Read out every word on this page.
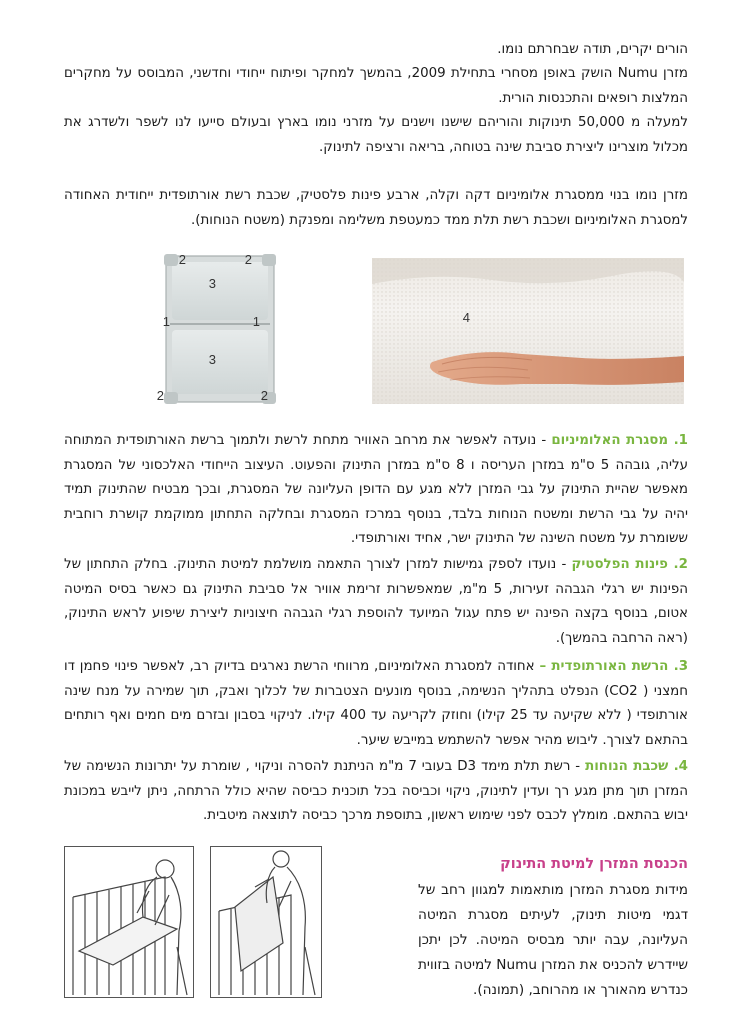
הורים יקרים, תודה שבחרתם נומו.

מזרן Numu הושק באופן מסחרי בתחילת 2009, בהמשך למחקר ופיתוח ייחודי וחדשני, המבוסס על מחקרים המלצות רופאים והתכנסות הורית.

למעלה מ 50,000 תינוקות והוריהם שישנו וישנים על מזרני נומו בארץ ובעולם סייעו לנו לשפר ולשדרג את מכלול מוצרינו ליצירת סביבת שינה בטוחה, בריאה ורציפה לתינוק.

מזרן נומו בנוי ממסגרת אלומיניום דקה וקלה, ארבע פינות פלסטיק, שכבת רשת אורתופדית ייחודית האחודה למסגרת האלומיניום ושכבת רשת תלת ממד כמעטפת משלימה ומפנקת (משטח הנוחות).

2	2
3
1	1
3
2	2
4

1. מסגרת האלומיניום - נועדה לאפשר את מרחב האוויר מתחת לרשת ולתמוך ברשת האורתופדית המתוחה עליה, גובהה 5 ס"מ במזרן העריסה ו 8 ס"מ במזרן התינוק והפעוט. העיצוב הייחודי האלכסוני של המסגרת מאפשר שהיית התינוק על גבי המזרן ללא מגע עם הדופן העליונה של המסגרת, ובכך מבטיח שהתינוק תמיד יהיה על גבי הרשת ומשטח הנוחות בלבד, בנוסף במרכז המסגרת ובחלקה התחתון ממוקמת קושרת רוחבית ששומרת על משטח השינה של התינוק ישר, אחיד ואורתופדי.

2. פינות הפלסטיק - נועדו לספק גמישות למזרן לצורך התאמה מושלמת למיטת התינוק. בחלק התחתון של הפינות יש רגלי הגבהה זעירות, 5 מ"מ, שמאפשרות זרימת אוויר אל סביבת התינוק גם כאשר בסיס המיטה אטום, בנוסף בקצה הפינה יש פתח עגול המיועד להוספת רגלי הגבהה חיצוניות ליצירת שיפוע לראש התינוק, (ראה הרחבה בהמשך).

3. הרשת האורתופדית – אחודה למסגרת האלומיניום, מרווחי הרשת נארגים בדיוק רב, לאפשר פינוי פחמן דו חמצני ( CO2) הנפלט בתהליך הנשימה, בנוסף מונעים הצטברות של לכלוך ואבק, תוך שמירה על מנח שינה אורתופדי ( ללא שקיעה עד 25 קילו) וחוזק לקריעה עד 400 קילו. לניקוי בסבון ובזרם מים חמים ואף רותחים בהתאם לצורך. ליבוש מהיר אפשר להשתמש במייבש שיער.

4. שכבת הנוחות - רשת תלת מימד D3 בעובי 7 מ"מ הניתנת להסרה וניקוי , שומרת על יתרונות הנשימה של המזרן תוך מתן מגע רך ועדין לתינוק, ניקוי וכביסה בכל תוכנית כביסה שהיא כולל הרתחה, ניתן לייבש במכונת יבוש בהתאם. מומלץ לכבס לפני שימוש ראשון, בתוספת מרכך כביסה לתוצאה מיטבית.

הכנסת המזרן למיטת התינוק

מידות מסגרת המזרן מותאמות למגוון רחב של דגמי מיטות תינוק, לעיתים מסגרת המיטה העליונה, עבה יותר מבסיס המיטה. לכן יתכן שיידרש להכניס את המזרן Numu למיטה בזווית כנדרש מהאורך או מהרוחב, (תמונה).
